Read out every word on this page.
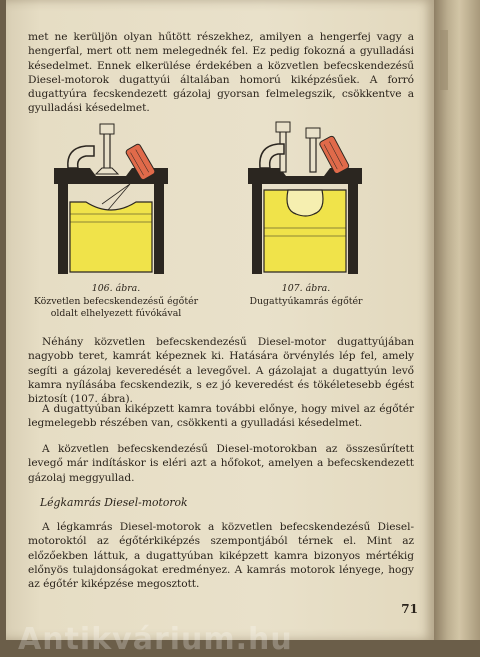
met ne kerüljön olyan hűtött részekhez, amilyen a hengerfej vagy a hengerfal, mert ott nem melegednék fel. Ez pedig fokozná a gyulladási késedelmet. Ennek elkerülése érdekében a közvetlen befecskendezésű Diesel-motorok dugattyúi általában homorú kiképzésűek. A forró dugattyúra fecskendezett gázolaj gyorsan felmelegszik, csökkentve a gyulladási késedelmet.
106. ábra.
Közvetlen befecskendezésű égőtér oldalt elhelyezett fúvókával
107. ábra.
Dugattyúkamrás égőtér
Néhány közvetlen befecskendezésű Diesel-motor dugattyújában nagyobb teret, kamrát képeznek ki. Hatására örvénylés lép fel, amely segíti a gázolaj keveredését a levegővel. A gázolajat a dugattyún levő kamra nyílásába fecskendezik, s ez jó keveredést és tökéletesebb égést biztosít (107. ábra).
A dugattyúban kiképzett kamra további előnye, hogy mivel az égőtér legmelegebb részében van, csökkenti a gyulladási késedelmet.
A közvetlen befecskendezésű Diesel-motorokban az összesűrített levegő már indításkor is eléri azt a hőfokot, amelyen a befecskendezett gázolaj meggyullad.
Légkamrás Diesel-motorok
A légkamrás Diesel-motorok a közvetlen befecskendezésű Diesel-motoroktól az égőtérkiképzés szempontjából térnek el. Mint az előzőekben láttuk, a dugattyúban kiképzett kamra bizonyos mértékig előnyös tulajdonságokat eredményez. A kamrás motorok lényege, hogy az égőtér kiképzése megosztott.
71
Antikvárium.hu
